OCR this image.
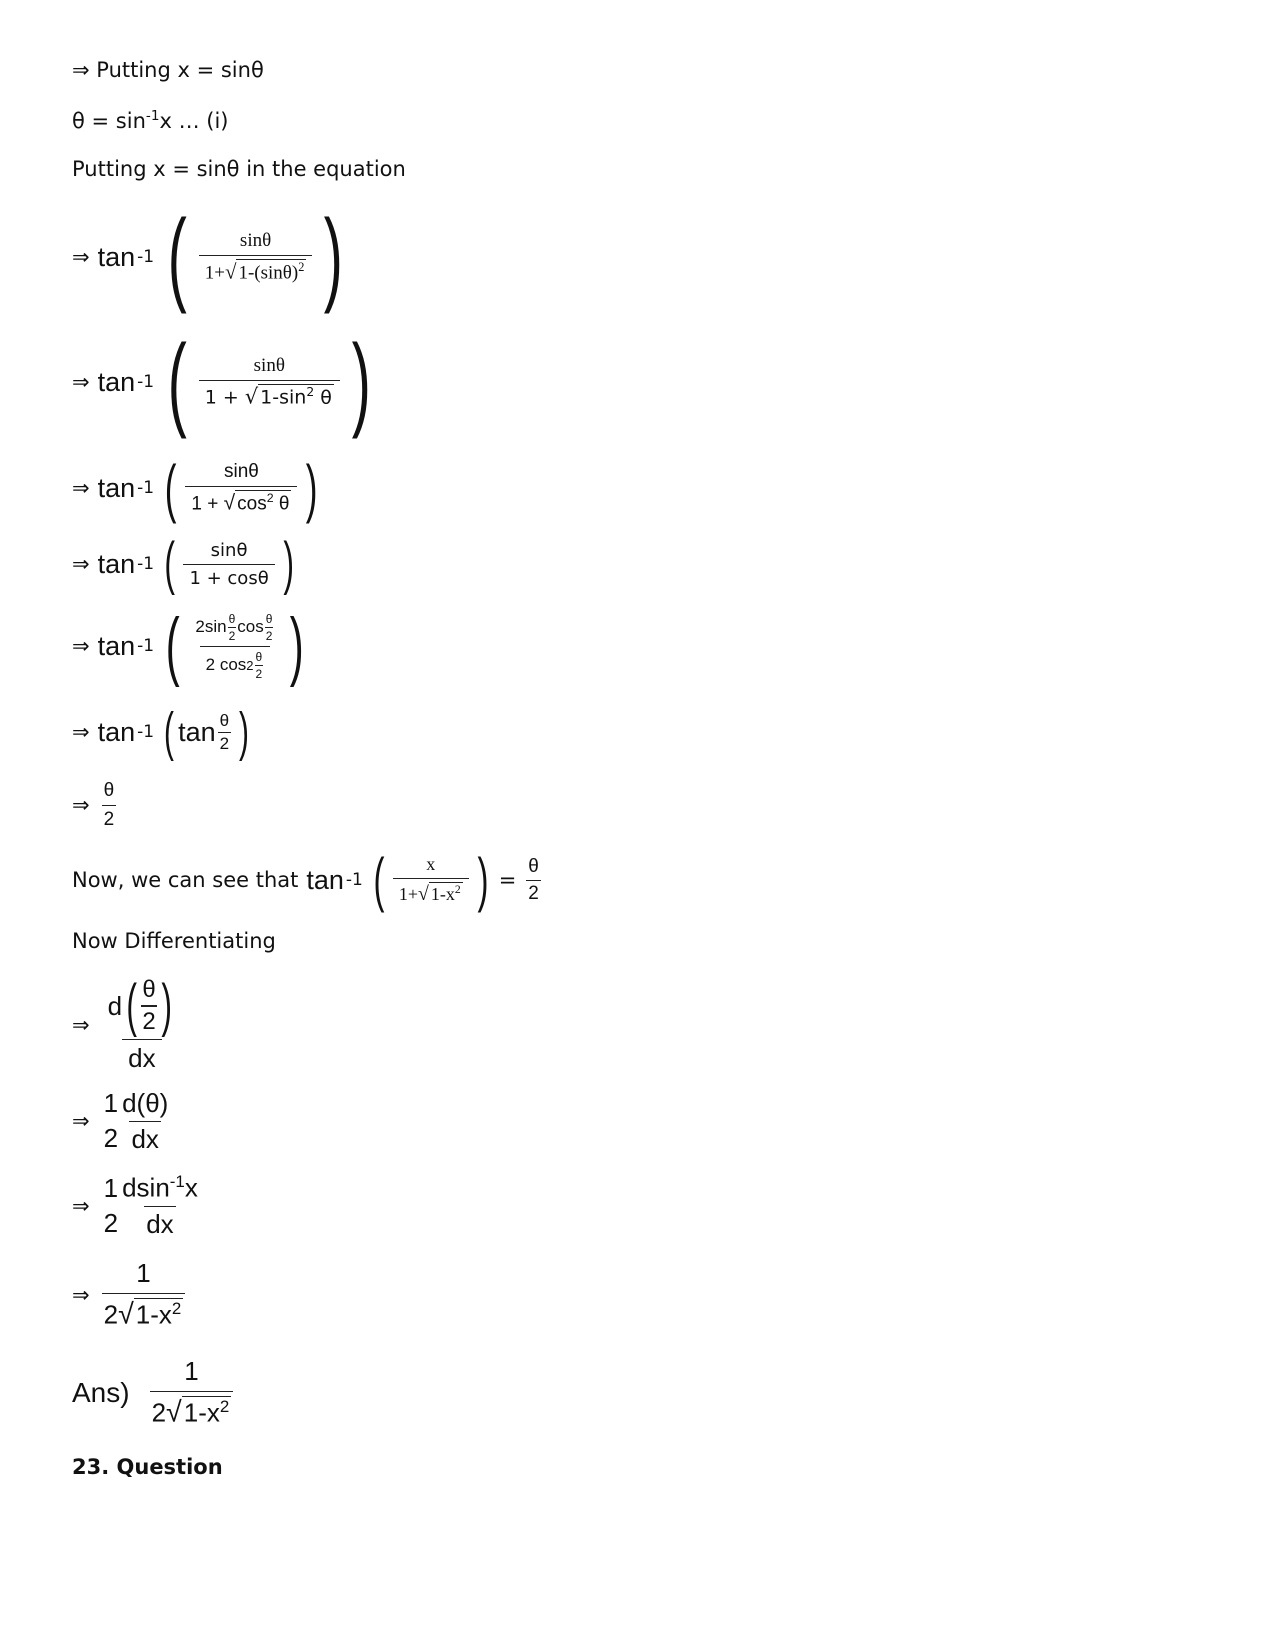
⇒ Putting x = sinθ
$\theta = \sin^{-1}x$ … (i)
Putting x = sinθ in the equation
⇒ tan -1 ( $\frac{\sin\theta}{1+√ 1-(\sin\theta)^2}$ )
⇒ tan -1 ( $\frac{\sin\theta}{1 + √ 1-\sin^2 \theta}$ )
⇒ tan -1 ( $\frac{\sin\theta}{1 + √ \cos^2 \theta}$ )
⇒ tan -1 ( $\frac{\sin\theta}{1 + \cos\theta}$ )
⇒ tan -1 ( $\frac{2\sin \frac{\theta}{2} \cos \frac{\theta}{2}}{2 \cos 2 \frac{\theta}{2}}$ )
⇒ tan -1 ( $\tan \frac{\theta}{2}$ )
⇒ $\frac{\theta}{2}$
Now, we can see that tan -1 ( $\frac{x}{1+√ 1-x^2}$ ) = $\frac{\theta}{2}$
Now Differentiating
⇒ $\frac{d ( \frac{\theta}{2} )}{dx}$
⇒
1
$2 \frac{d(\theta)}{dx}$
⇒
1
$2 \frac{dsin^{-1}x}{dx}$
⇒ $\frac{1}{2√1-x^2}$
$Ans) \frac{1}{2√1-x^2}$
23. Question
